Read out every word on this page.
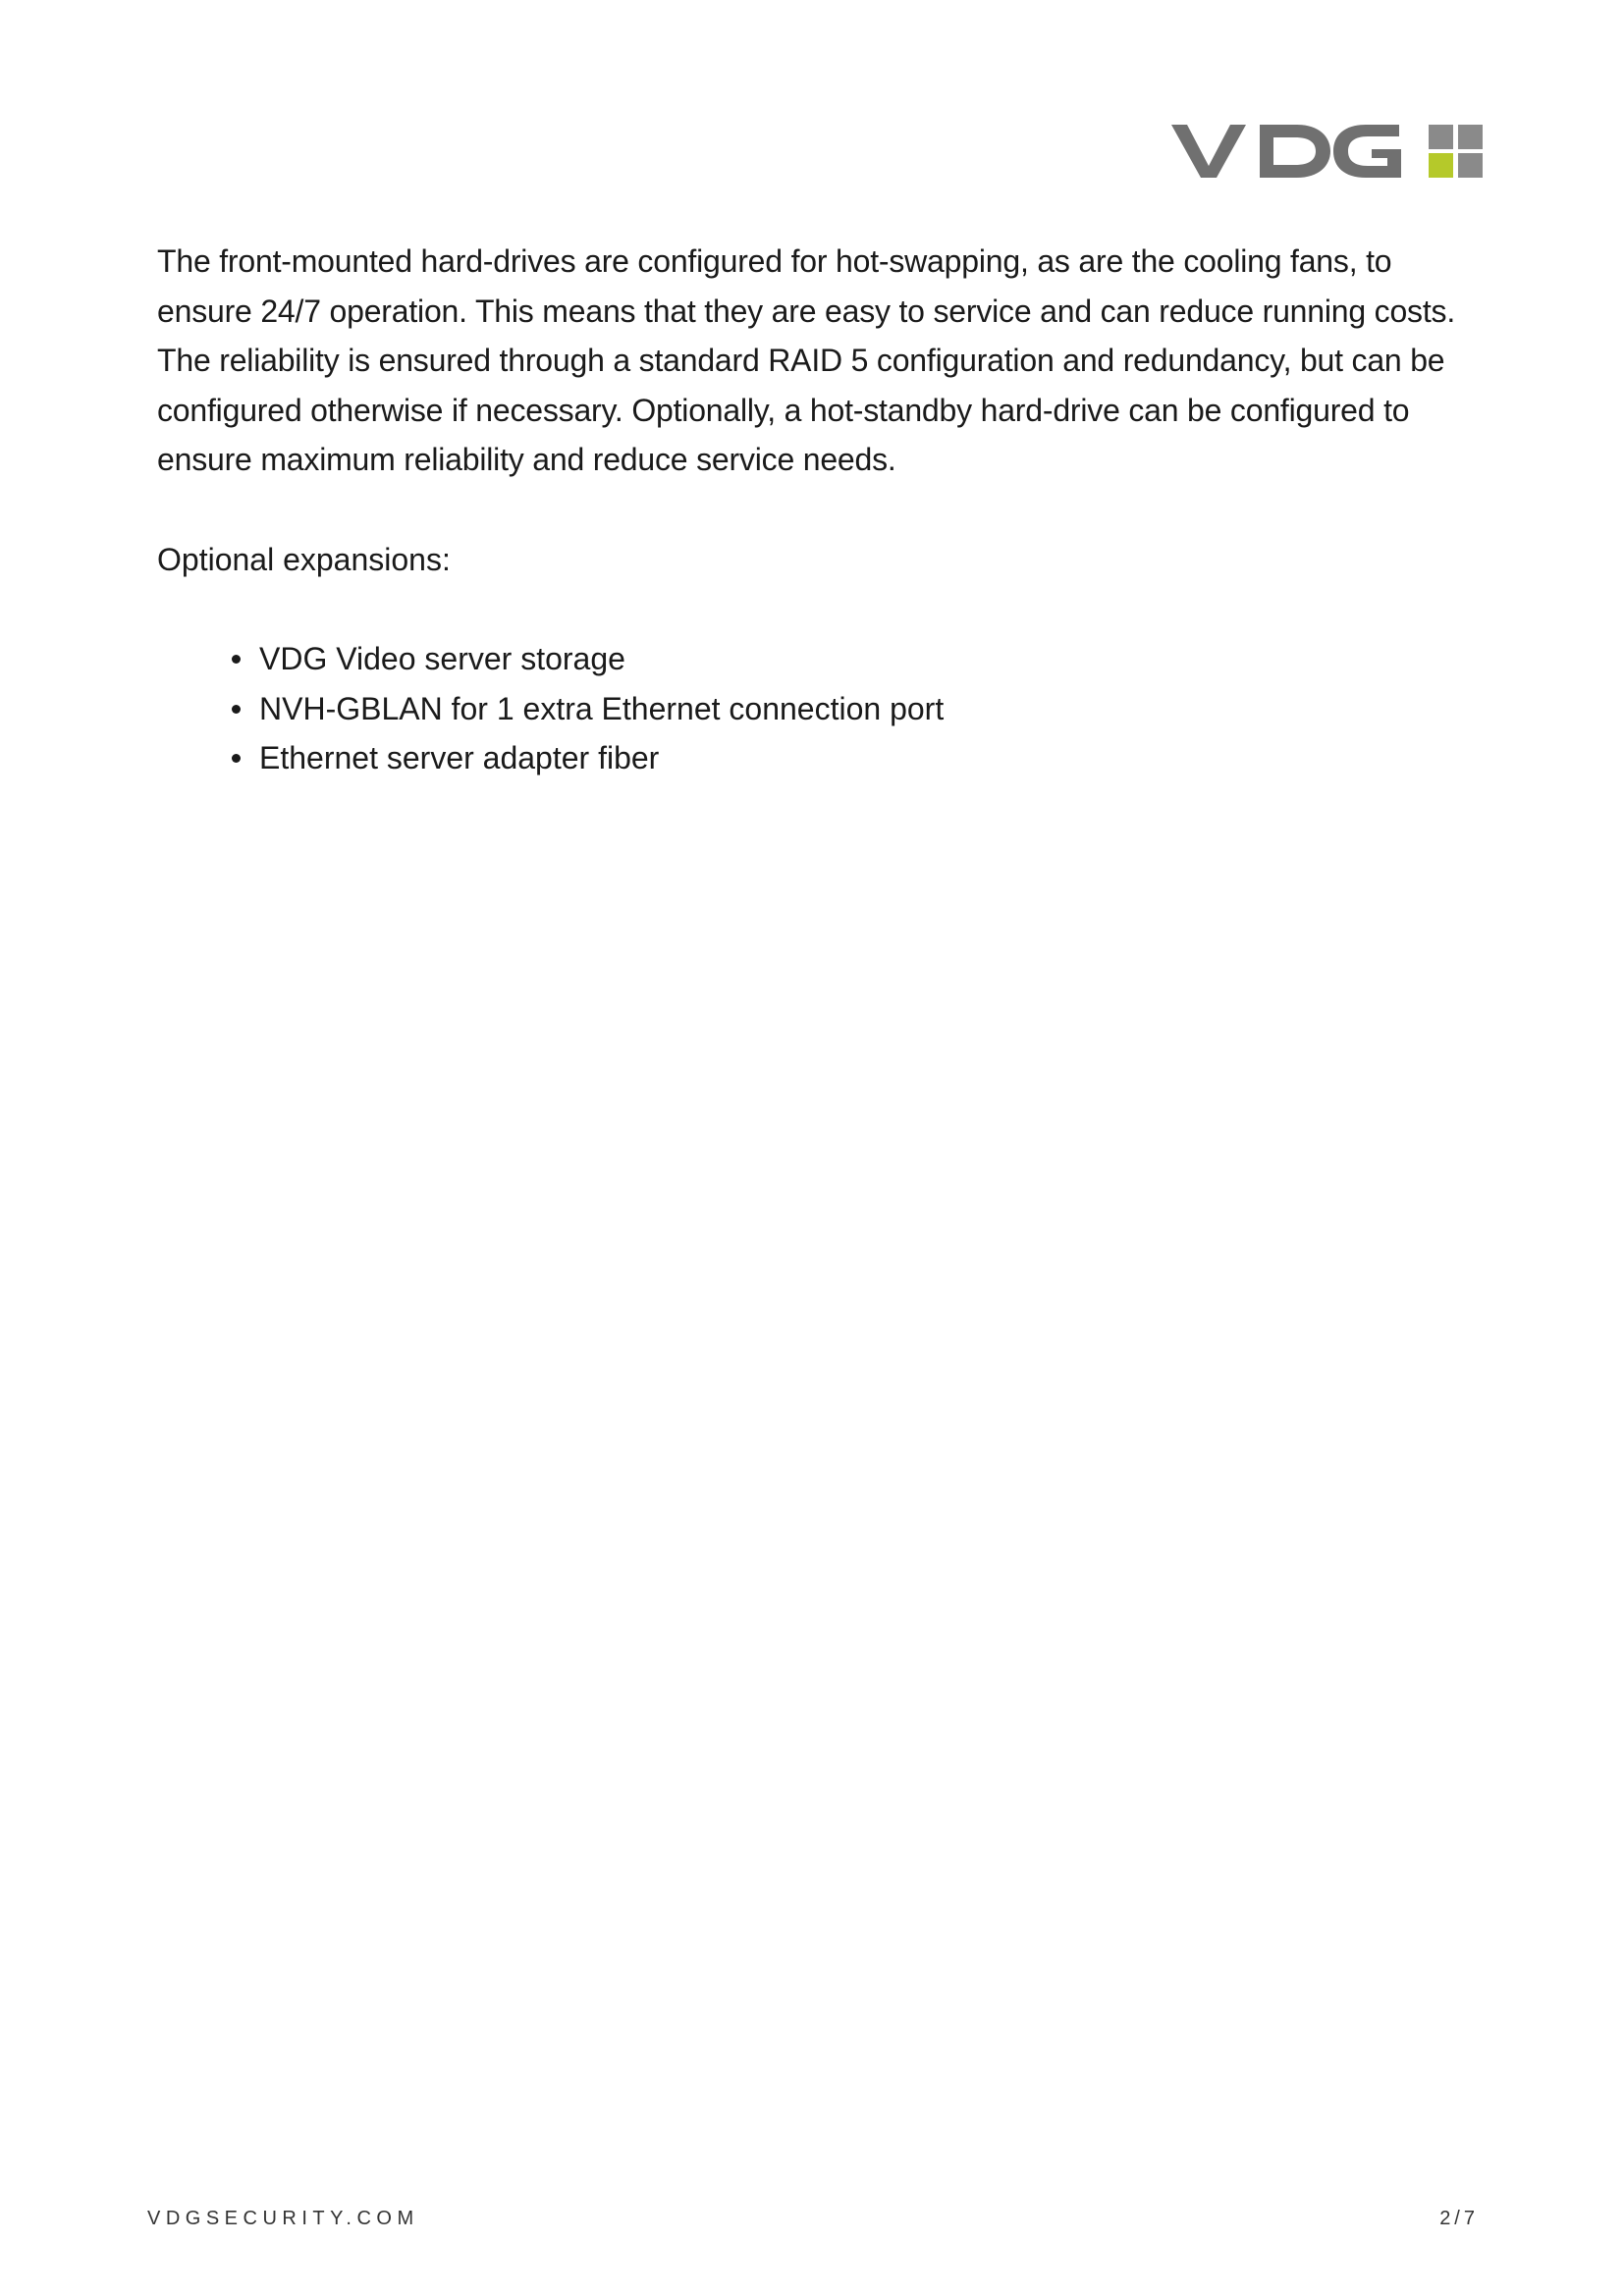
The front-mounted hard-drives are configured for hot-swapping, as are the cooling fans, to ensure 24/7 operation. This means that they are easy to service and can reduce running costs. The reliability is ensured through a standard RAID 5 configuration and redundancy, but can be configured otherwise if necessary. Optionally, a hot-standby hard-drive can be configured to ensure maximum reliability and reduce service needs.

Optional expansions:

VDG Video server storage
NVH-GBLAN for 1 extra Ethernet connection port
Ethernet server adapter fiber
VDGSECURITY.COM	2/7
